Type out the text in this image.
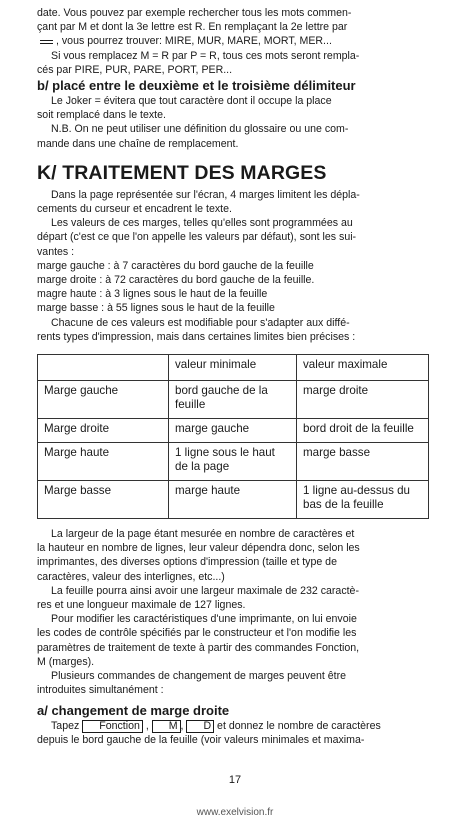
date. Vous pouvez par exemple rechercher tous les mots commen-

çant par M et dont la 3e lettre est R. En remplaçant la 2e lettre par

, vous pourrez trouver: MIRE, MUR, MARE, MORT, MER...

Si vous remplacez M = R par P = R, tous ces mots seront rempla-

cés par PIRE, PUR, PARE, PORT, PER...

b/ placé entre le deuxième et le troisième délimiteur

Le Joker = évitera que tout caractère dont il occupe la place

soit remplacé dans le texte.

N.B. On ne peut utiliser une définition du glossaire ou une com-

mande dans une chaîne de remplacement.

K/ TRAITEMENT DES MARGES

Dans la page représentée sur l'écran, 4 marges limitent les dépla-

cements du curseur et encadrent le texte.

Les valeurs de ces marges, telles qu'elles sont programmées au

départ (c'est ce que l'on appelle les valeurs par défaut), sont les sui-

vantes :

marge gauche : à 7 caractères du bord gauche de la feuille

marge droite : à 72 caractères du bord gauche de la feuille.

magre haute : à 3 lignes sous le haut de la feuille

marge basse : à 55 lignes sous le haut de la feuille

Chacune de ces valeurs est modifiable pour s'adapter aux diffé-

rents types d'impression, mais dans certaines limites bien précises :

	valeur minimale	valeur maximale
Marge gauche	bord gauche de la feuille	marge droite
Marge droite	marge gauche	bord droit de la feuille
Marge haute	1 ligne sous le haut de la page	marge basse
Marge basse	marge haute	1 ligne au-dessus du bas de la feuille

La largeur de la page étant mesurée en nombre de caractères et

la hauteur en nombre de lignes, leur valeur dépendra donc, selon les

imprimantes, des diverses options d'impression (taille et type de

caractères, valeur des interlignes, etc...)

La feuille pourra ainsi avoir une largeur maximale de 232 caractè-

res et une longueur maximale de 127 lignes.

Pour modifier les caractéristiques d'une imprimante, on lui envoie

les codes de contrôle spécifiés par le constructeur et l'on modifie les

paramètres de traitement de texte à partir des commandes Fonction,

M (marges).

Plusieurs commandes de changement de marges peuvent être

introduites simultanément :

a/ changement de marge droite

Tapez Fonction , M , D et donnez le nombre de caractères

depuis le bord gauche de la feuille (voir valeurs minimales et maxima-

17
www.exelvision.fr
